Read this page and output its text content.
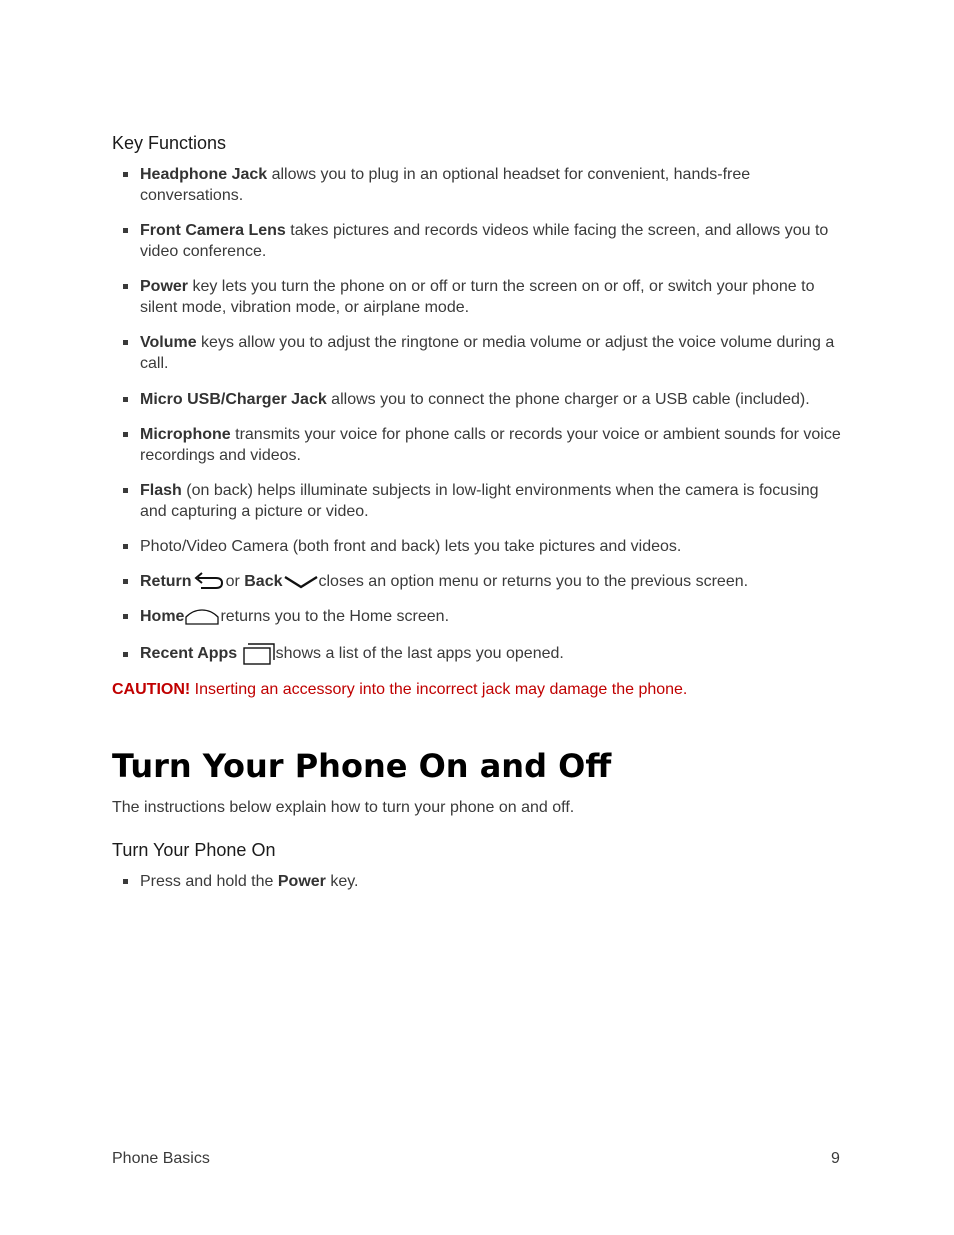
Key Functions
Headphone Jack allows you to plug in an optional headset for convenient, hands-free conversations.
Front Camera Lens takes pictures and records videos while facing the screen, and allows you to video conference.
Power key lets you turn the phone on or off or turn the screen on or off, or switch your phone to silent mode, vibration mode, or airplane mode.
Volume keys allow you to adjust the ringtone or media volume or adjust the voice volume during a call.
Micro USB/Charger Jack allows you to connect the phone charger or a USB cable (included).
Microphone transmits your voice for phone calls or records your voice or ambient sounds for voice recordings and videos.
Flash (on back) helps illuminate subjects in low-light environments when the camera is focusing and capturing a picture or video.
Photo/Video Camera (both front and back) lets you take pictures and videos.
Return or Back closes an option menu or returns you to the previous screen.
Home returns you to the Home screen.
Recent Apps shows a list of the last apps you opened.
CAUTION! Inserting an accessory into the incorrect jack may damage the phone.
Turn Your Phone On and Off
The instructions below explain how to turn your phone on and off.
Turn Your Phone On
Press and hold the Power key.
Phone Basics	9
